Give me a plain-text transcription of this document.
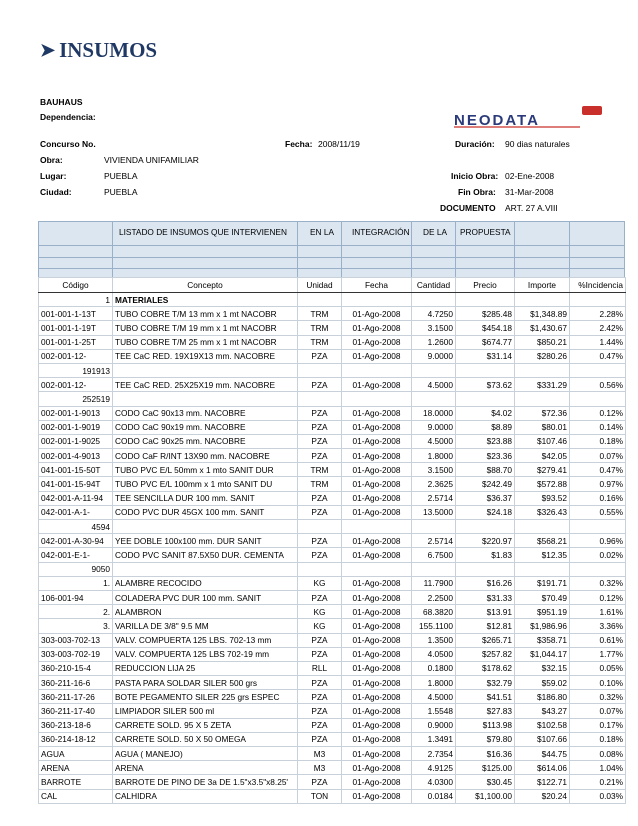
➤ INSUMOS
BAUHAUS
Dependencia:	NEODATA
Concurso No.	Fecha: 2008/11/19	Duración: 90 dias naturales
Obra:	VIVIENDA UNIFAMILIAR
Lugar:	PUEBLA	Inicio Obra: 02-Ene-2008
Ciudad:	PUEBLA	Fin Obra: 31-Mar-2008
DOCUMENTO ART. 27 A.VIII
LISTADO DE INSUMOS QUE INTERVIENEN	EN LA INTEGRACIÓN DE LA PROPUESTA
Código	Concepto	Unidad	Fecha	Cantidad	Precio	Importe	%Incidencia
1	MATERIALES						
001-001-1-13T	TUBO COBRE T/M 13 mm x 1 mt NACOBR	TRM	01-Ago-2008	4.7250	$285.48	$1,348.89	2.28%
001-001-1-19T	TUBO COBRE T/M 19 mm x 1 mt NACOBR	TRM	01-Ago-2008	3.1500	$454.18	$1,430.67	2.42%
001-001-1-25T	TUBO COBRE T/M 25 mm x 1 mt NACOBR	TRM	01-Ago-2008	1.2600	$674.77	$850.21	1.44%
002-001-12-	TEE CaC RED. 19X19X13 mm. NACOBRE	PZA	01-Ago-2008	9.0000	$31.14	$280.26	0.47%
191913							
002-001-12-	TEE CaC RED. 25X25X19 mm. NACOBRE	PZA	01-Ago-2008	4.5000	$73.62	$331.29	0.56%
252519							
002-001-1-9013	CODO CaC 90x13 mm. NACOBRE	PZA	01-Ago-2008	18.0000	$4.02	$72.36	0.12%
002-001-1-9019	CODO CaC 90x19 mm. NACOBRE	PZA	01-Ago-2008	9.0000	$8.89	$80.01	0.14%
002-001-1-9025	CODO CaC 90x25 mm. NACOBRE	PZA	01-Ago-2008	4.5000	$23.88	$107.46	0.18%
002-001-4-9013	CODO CaF R/INT 13X90 mm. NACOBRE	PZA	01-Ago-2008	1.8000	$23.36	$42.05	0.07%
041-001-15-50T	TUBO PVC E/L 50mm x 1 mto SANIT DUR	TRM	01-Ago-2008	3.1500	$88.70	$279.41	0.47%
041-001-15-94T	TUBO PVC E/L 100mm x 1 mto SANIT DU	TRM	01-Ago-2008	2.3625	$242.49	$572.88	0.97%
042-001-A-11-94	TEE SENCILLA DUR 100 mm. SANIT	PZA	01-Ago-2008	2.5714	$36.37	$93.52	0.16%
042-001-A-1-	CODO PVC DUR 45GX 100 mm. SANIT	PZA	01-Ago-2008	13.5000	$24.18	$326.43	0.55%
4594							
042-001-A-30-94	YEE DOBLE 100x100 mm. DUR SANIT	PZA	01-Ago-2008	2.5714	$220.97	$568.21	0.96%
042-001-E-1-	CODO PVC SANIT 87.5X50 DUR. CEMENTA	PZA	01-Ago-2008	6.7500	$1.83	$12.35	0.02%
9050							
1.	ALAMBRE RECOCIDO	KG	01-Ago-2008	11.7900	$16.26	$191.71	0.32%
106-001-94	COLADERA PVC DUR 100 mm. SANIT	PZA	01-Ago-2008	2.2500	$31.33	$70.49	0.12%
2.	ALAMBRON	KG	01-Ago-2008	68.3820	$13.91	$951.19	1.61%
3.	VARILLA DE 3/8" 9.5 MM	KG	01-Ago-2008	155.1100	$12.81	$1,986.96	3.36%
303-003-702-13	VALV. COMPUERTA 125 LBS. 702-13 mm	PZA	01-Ago-2008	1.3500	$265.71	$358.71	0.61%
303-003-702-19	VALV. COMPUERTA 125 LBS 702-19 mm	PZA	01-Ago-2008	4.0500	$257.82	$1,044.17	1.77%
360-210-15-4	REDUCCION LIJA 25	RLL	01-Ago-2008	0.1800	$178.62	$32.15	0.05%
360-211-16-6	PASTA PARA SOLDAR SILER 500 grs	PZA	01-Ago-2008	1.8000	$32.79	$59.02	0.10%
360-211-17-26	BOTE PEGAMENTO SILER 225 grs ESPEC	PZA	01-Ago-2008	4.5000	$41.51	$186.80	0.32%
360-211-17-40	LIMPIADOR SILER 500 ml	PZA	01-Ago-2008	1.5548	$27.83	$43.27	0.07%
360-213-18-6	CARRETE SOLD. 95 X 5 ZETA	PZA	01-Ago-2008	0.9000	$113.98	$102.58	0.17%
360-214-18-12	CARRETE SOLD. 50 X 50 OMEGA	PZA	01-Ago-2008	1.3491	$79.80	$107.66	0.18%
AGUA	AGUA ( MANEJO)	M3	01-Ago-2008	2.7354	$16.36	$44.75	0.08%
ARENA	ARENA	M3	01-Ago-2008	4.9125	$125.00	$614.06	1.04%
BARROTE	BARROTE DE PINO DE 3a DE 1.5"x3.5"x8.25'	PZA	01-Ago-2008	4.0300	$30.45	$122.71	0.21%
CAL	CALHIDRA	TON	01-Ago-2008	0.0184	$1,100.00	$20.24	0.03%
